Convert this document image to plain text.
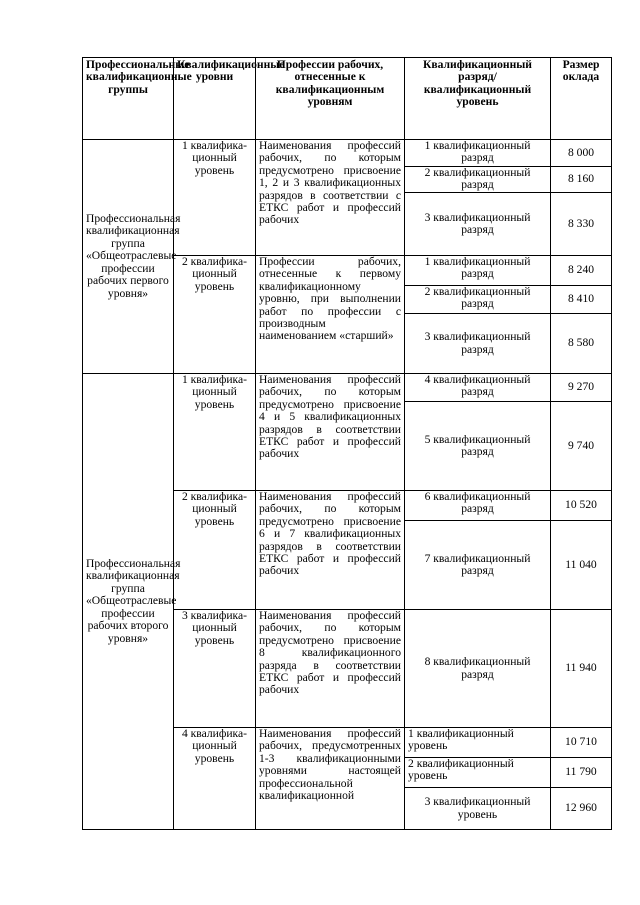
Профессиональные квалификационные группы	Квалификационные уровни	Профессии рабочих, отнесенные к квалификационным уровням	Квалификационный разряд/квалификационный уровень	Размер оклада
Профессиональная квалификационная группа «Общеотраслевые профессии рабочих первого уровня»	1 квалифика-ционный уровень	Наименования профессий рабочих, по которым предусмотрено присвоение 1, 2 и 3 квалификационных разрядов в соответствии с ЕТКС работ и профессий рабочих	1 квалификационный разряд	8 000
			2 квалификационный разряд	8 160
			3 квалификационный разряд	8 330
	2 квалифика-ционный уровень	Профессии рабочих, отнесенные к первому квалификационному уровню, при выполнении работ по профессии с производным наименованием «старший»	1 квалификационный разряд	8 240
			2 квалификационный разряд	8 410
			3 квалификационный разряд	8 580
Профессиональная квалификационная группа «Общеотраслевые профессии рабочих второго уровня»	1 квалифика-ционный уровень	Наименования профессий рабочих, по которым предусмотрено присвоение 4 и 5 квалификационных разрядов в соответствии ЕТКС работ и профессий рабочих	4 квалификационный разряд	9 270
			5 квалификационный разряд	9 740
	2 квалифика-ционный уровень	Наименования профессий рабочих, по которым предусмотрено присвоение 6 и 7 квалификационных разрядов в соответствии ЕТКС работ и профессий рабочих	6 квалификационный разряд	10 520
			7 квалификационный разряд	11 040
	3 квалифика-ционный уровень	Наименования профессий рабочих, по которым предусмотрено присвоение 8 квалификационного разряда в соответствии ЕТКС работ и профессий рабочих	8 квалификационный разряд	11 940
	4 квалифика-ционный уровень	Наименования профессий рабочих, предусмотренных 1-3 квалификационными уровнями настоящей профессиональной квалификационной	1 квалификационный уровень	10 710
			2 квалификационный уровень	11 790
			3 квалификационный уровень	12 960
